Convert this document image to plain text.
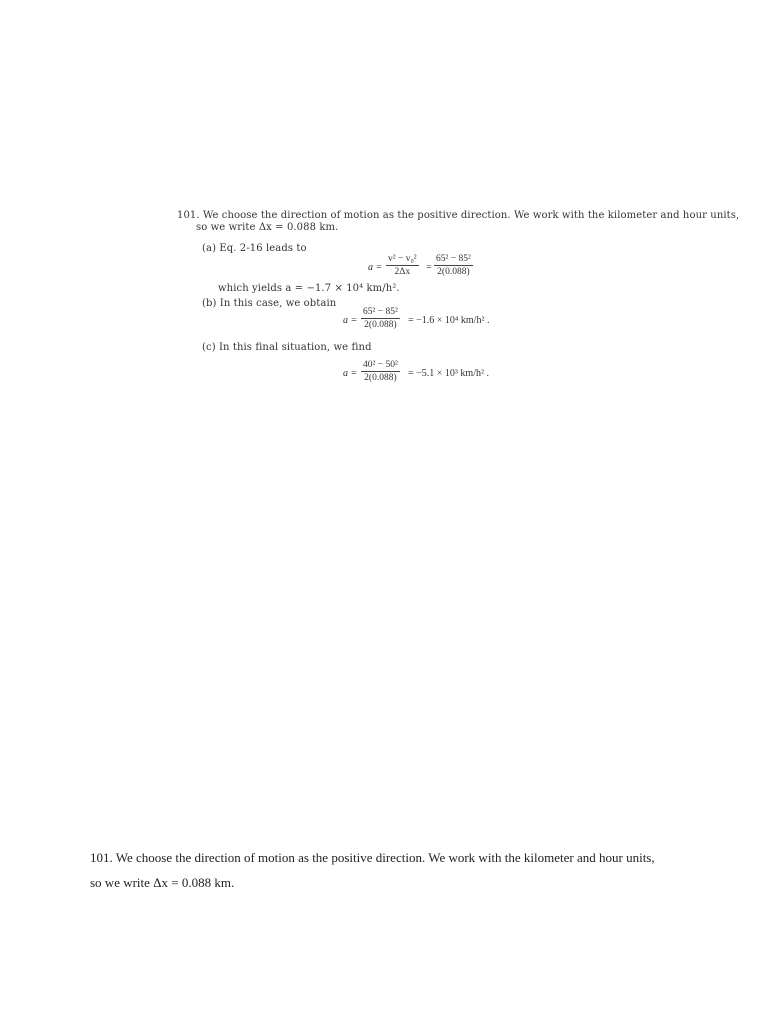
101. We choose the direction of motion as the positive direction. We work with the kilometer and hour units,
so we write Δx = 0.088 km.
(a) Eq. 2-16 leads to
a =
v² − v₀²
2Δx =
65² − 85²
2(0.088)
which yields a = −1.7 × 10⁴ km/h².
(b) In this case, we obtain
a =
65² − 85²
2(0.088) = −1.6 × 10⁴ km/h² .
(c) In this final situation, we find
a =
40² − 50²
2(0.088) = −5.1 × 10³ km/h² .
101. We choose the direction of motion as the positive direction. We work with the kilometer and hour units,
so we write Δx = 0.088 km.
